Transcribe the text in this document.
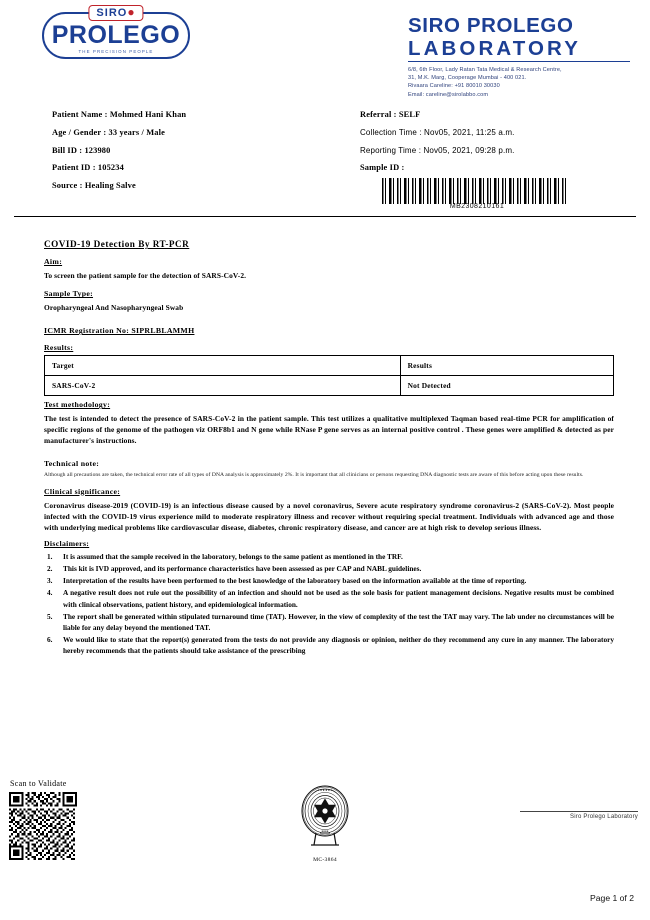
SIRO●
PROLEGO
THE PRECISION PEOPLE
SIRO PROLEGO
LABORATORY
6/8, 6th Floor, Lady Ratan Tata Medical & Research Centre,
31, M.K. Marg, Cooperage Mumbai - 400 021.
Rivaara Careline: +91 80010 30030
Email: careline@sirolabbo.com
Patient Name : Mohmed Hani Khan
Age / Gender : 33 years / Male
Bill ID : 123980
Patient ID : 105234
Source : Healing Salve
Referral : SELF
Collection Time : Nov05, 2021, 11:25 a.m.
Reporting Time : Nov05, 2021, 09:28 p.m.
Sample ID :
MB2308210161
COVID-19 Detection By RT-PCR
Aim:
To screen the patient sample for the detection of SARS-CoV-2.
Sample Type:
Oropharyngeal And Nasopharyngeal Swab
ICMR Registration No: SIPRLBLAMMH
Results:
Target	Results
SARS-CoV-2	Not Detected
Test methodology:
The test is intended to detect the presence of SARS-CoV-2 in the patient sample. This test utilizes a qualitative multiplexed Taqman based real-time PCR for amplification of specific regions of the genome of the pathogen viz ORF8b1 and N gene while RNase P gene serves as an internal positive control . These genes were amplified & detected as per manufacturer's instructions.
Technical note:
Although all precautions are taken, the technical error rate of all types of DNA analysis is approximately 2%. It is important that all clinicians or persons requesting DNA diagnostic tests are aware of this before acting upon these results.
Clinical significance:
Coronavirus disease-2019 (COVID-19) is an infectious disease caused by a novel coronavirus, Severe acute respiratory syndrome coronavirus-2 (SARS-CoV-2). Most people infected with the COVID-19 virus experience mild to moderate respiratory illness and recover without requiring special treatment. Individuals with advanced age and those with underlying medical problems like cardiovascular disease, diabetes, chronic respiratory disease, and cancer are at high risk to develop serious illness.
Disclaimers:
1.	It is assumed that the sample received in the laboratory, belongs to the same patient as mentioned in the TRF.
2.	This kit is IVD approved, and its performance characteristics have been assessed as per CAP and NABL guidelines.
3.	Interpretation of the results have been performed to the best knowledge of the laboratory based on the information available at the time of reporting.
4.	A negative result does not rule out the possibility of an infection and should not be used as the sole basis for patient management decisions. Negative results must be combined with clinical observations, patient history, and epidemiological information.
5.	The report shall be generated within stipulated turnaround time (TAT). However, in the view of complexity of the test the TAT may vary. The lab under no circumstances will be liable for any delay beyond the mentioned TAT.
6.	We would like to state that the report(s) generated from the tests do not provide any diagnosis or opinion, neither do they recommend any cure in any manner. The laboratory hereby recommends that the patients should take assistance of the prescribing
Scan to Validate
● ● ● ● ● ●
●●●●
MC-3864
Siro Prolego Laboratory
Page 1 of 2
